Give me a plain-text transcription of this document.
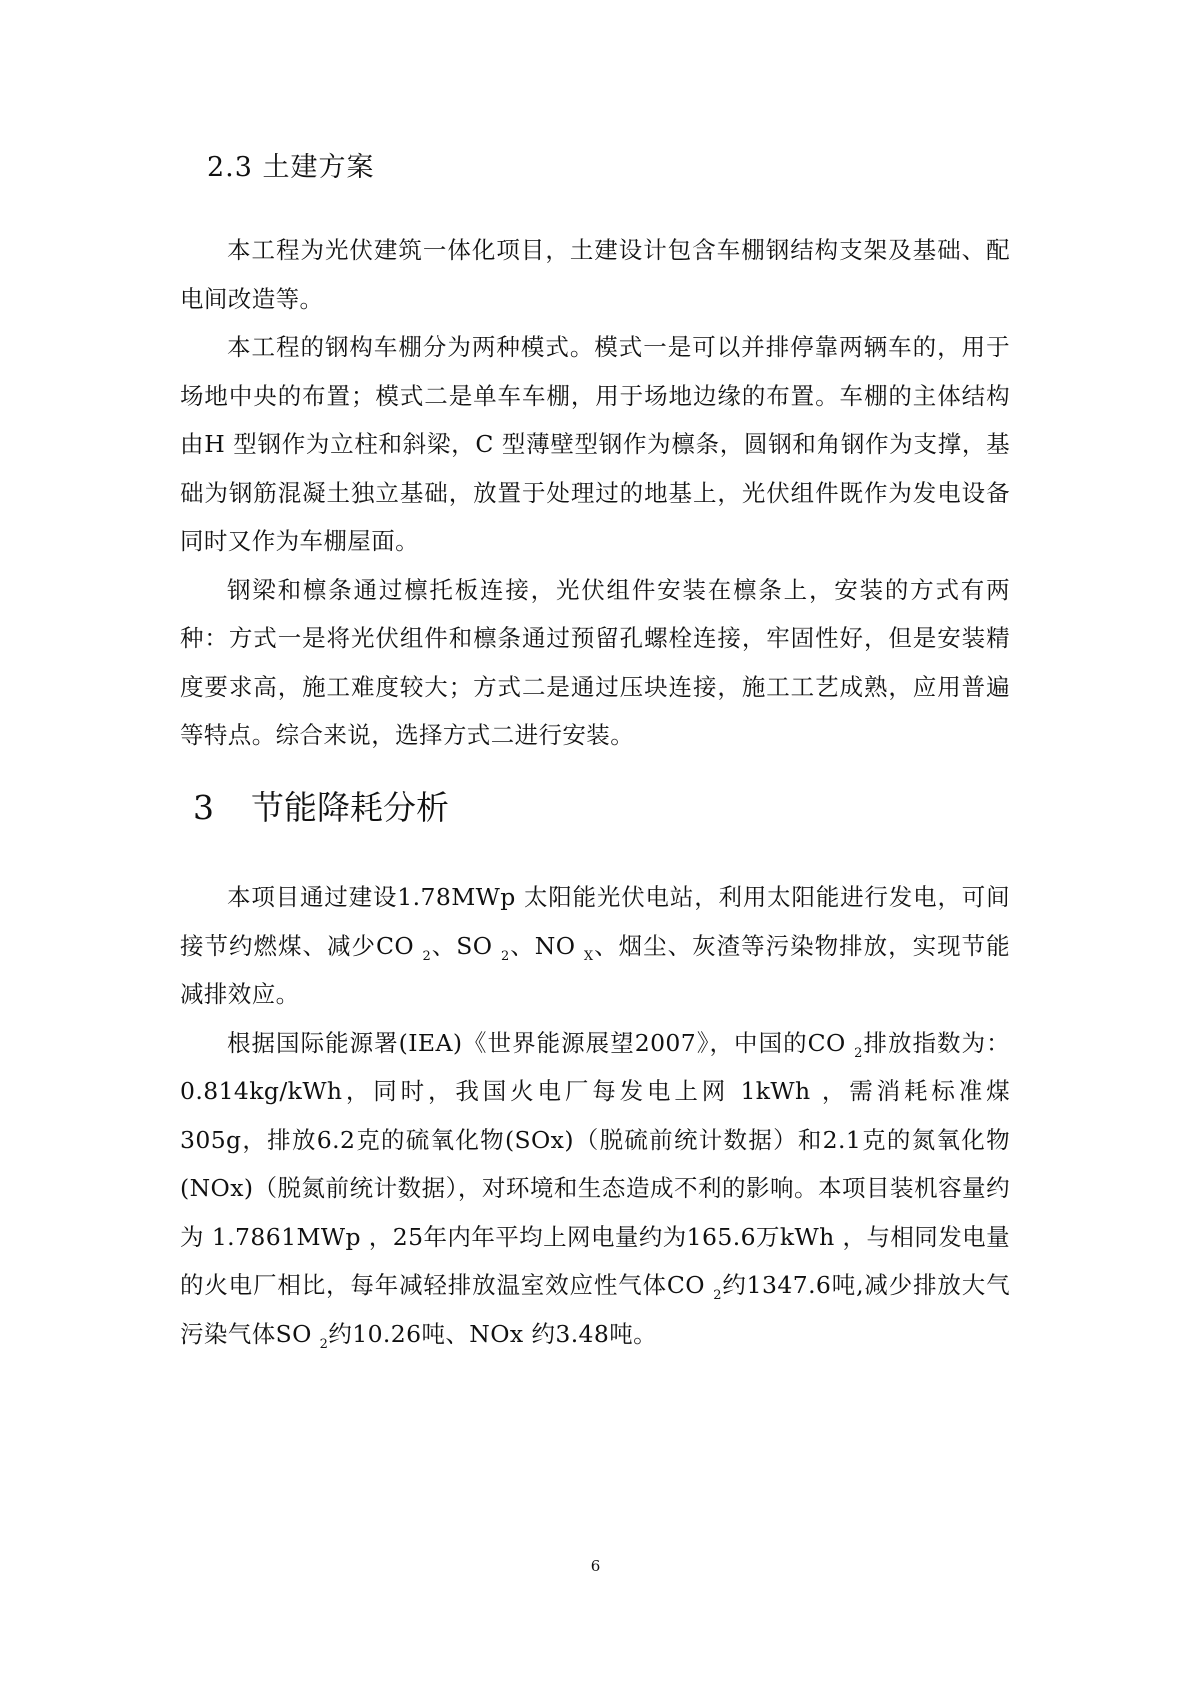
2.3 土建方案

本工程为光伏建筑一体化项目，土建设计包含车棚钢结构支架及基础、配电间改造等。

本工程的钢构车棚分为两种模式。模式一是可以并排停靠两辆车的，用于场地中央的布置；模式二是单车车棚，用于场地边缘的布置。车棚的主体结构由H 型钢作为立柱和斜梁，C 型薄壁型钢作为檩条，圆钢和角钢作为支撑，基础为钢筋混凝土独立基础，放置于处理过的地基上，光伏组件既作为发电设备同时又作为车棚屋面。

钢梁和檩条通过檩托板连接，光伏组件安装在檩条上，安装的方式有两种：方式一是将光伏组件和檩条通过预留孔螺栓连接，牢固性好，但是安装精度要求高，施工难度较大；方式二是通过压块连接，施工工艺成熟，应用普遍等特点。综合来说，选择方式二进行安装。

3 节能降耗分析

本项目通过建设1.78MWp 太阳能光伏电站，利用太阳能进行发电，可间接节约燃煤、减少CO $_2$、SO $_2$、NO $_X$、烟尘、灰渣等污染物排放，实现节能减排效应。

根据国际能源署(IEA)《世界能源展望2007》，中国的CO $_2$排放指数为：0.814kg/kWh，同时，我国火电厂每发电上网 1kWh ，需消耗标准煤305g，排放6.2克的硫氧化物(SOx)（脱硫前统计数据）和2.1克的氮氧化物(NOx)（脱氮前统计数据），对环境和生态造成不利的影响。本项目装机容量约为 1.7861MWp ，25年内年平均上网电量约为165.6万kWh ，与相同发电量的火电厂相比，每年减轻排放温室效应性气体CO $_2$约1347.6吨,减少排放大气污染气体SO $_2$约10.26吨、NOx 约3.48吨。

6
